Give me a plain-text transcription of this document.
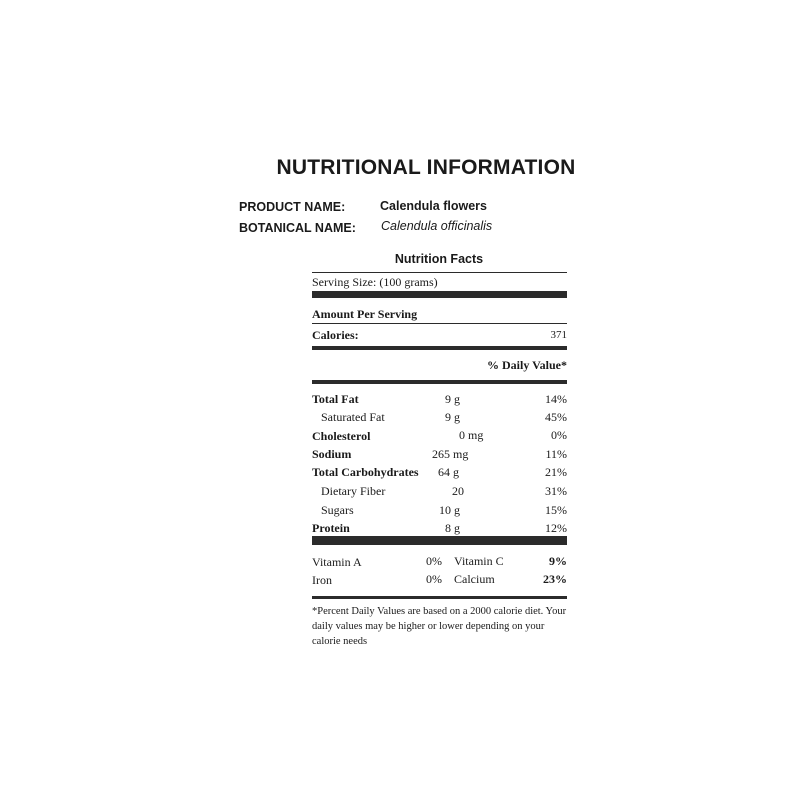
NUTRITIONAL INFORMATION
PRODUCT NAME:	Calendula flowers
BOTANICAL NAME: Calendula officinalis
Nutrition Facts
Serving Size: (100 grams)
Amount Per Serving
Calories:	371
% Daily Value*
Total Fat	9 g	14%
Saturated Fat	9 g	45%
Cholesterol	0 mg	0%
Sodium	265 mg	11%
Total Carbohydrates 64 g	21%
Dietary Fiber	20	31%
Sugars	10 g	15%
Protein	8 g	12%
Vitamin A	0% Vitamin C	9%
Iron	0% Calcium	23%
*Percent Daily Values are based on a 2000 calorie diet. Your daily values may be higher or lower depending on your calorie needs
